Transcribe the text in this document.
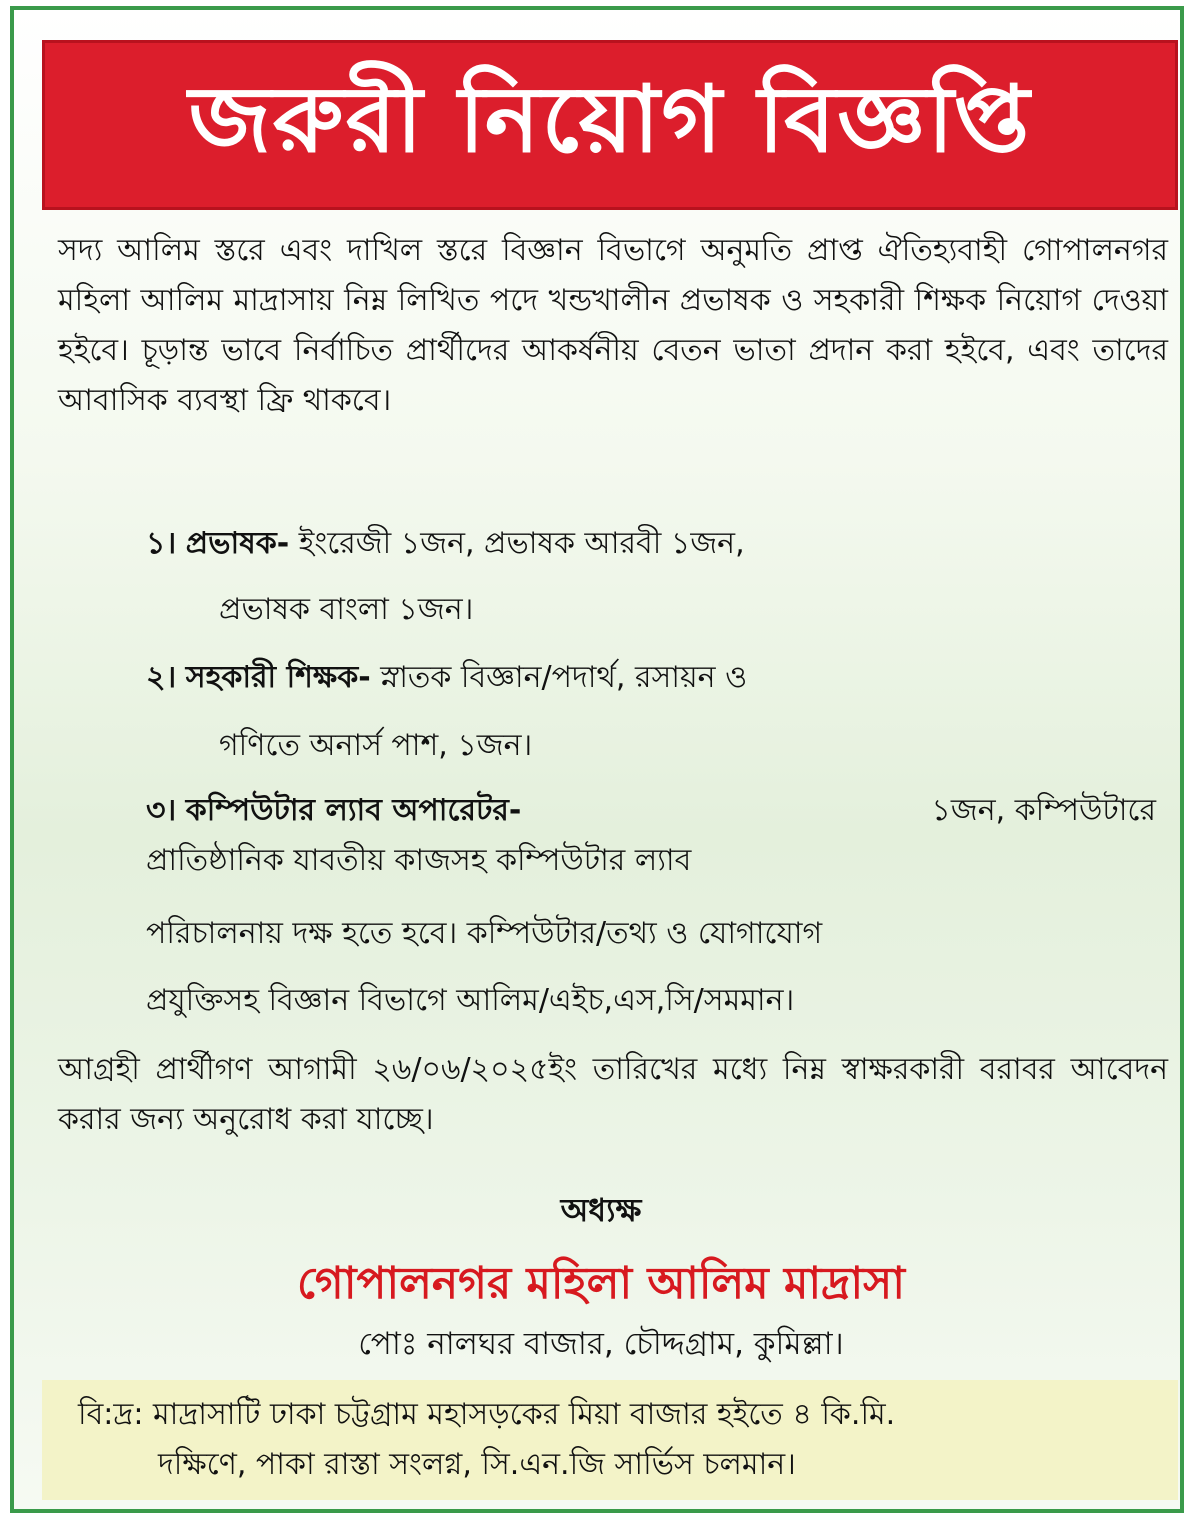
জরুরী নিয়োগ বিজ্ঞপ্তি
সদ্য আলিম স্তরে এবং দাখিল স্তরে বিজ্ঞান বিভাগে অনুমতি প্রাপ্ত ঐতিহ্যবাহী গোপালনগর মহিলা আলিম মাদ্রাসায় নিম্ন লিখিত পদে খন্ডখালীন প্রভাষক ও সহকারী শিক্ষক নিয়োগ দেওয়া হইবে। চূড়ান্ত ভাবে নির্বাচিত প্রার্থীদের আকর্ষনীয় বেতন ভাতা প্রদান করা হইবে, এবং তাদের আবাসিক ব্যবস্থা ফ্রি থাকবে।
১। প্রভাষক- ইংরেজী ১জন, প্রভাষক আরবী ১জন,
প্রভাষক বাংলা ১জন।
২। সহকারী শিক্ষক- স্নাতক বিজ্ঞান/পদার্থ, রসায়ন ও
গণিতে অনার্স পাশ, ১জন।
৩। কম্পিউটার ল্যাব অপারেটর-	১জন, কম্পিউটারে
প্রাতিষ্ঠানিক যাবতীয় কাজসহ কম্পিউটার ল্যাব
পরিচালনায় দক্ষ হতে হবে। কম্পিউটার/তথ্য ও যোগাযোগ
প্রযুক্তিসহ বিজ্ঞান বিভাগে আলিম/এইচ,এস,সি/সমমান।
আগ্রহী প্রার্থীগণ আগামী ২৬/০৬/২০২৫ইং তারিখের মধ্যে নিম্ন স্বাক্ষরকারী বরাবর আবেদন করার জন্য অনুরোধ করা যাচ্ছে।
অধ্যক্ষ
গোপালনগর মহিলা আলিম মাদ্রাসা
পোঃ নালঘর বাজার, চৌদ্দগ্রাম, কুমিল্লা।
বি:দ্র: মাদ্রাসাটি ঢাকা চট্টগ্রাম মহাসড়কের মিয়া বাজার হইতে ৪ কি.মি.
দক্ষিণে, পাকা রাস্তা সংলগ্ন, সি.এন.জি সার্ভিস চলমান।
